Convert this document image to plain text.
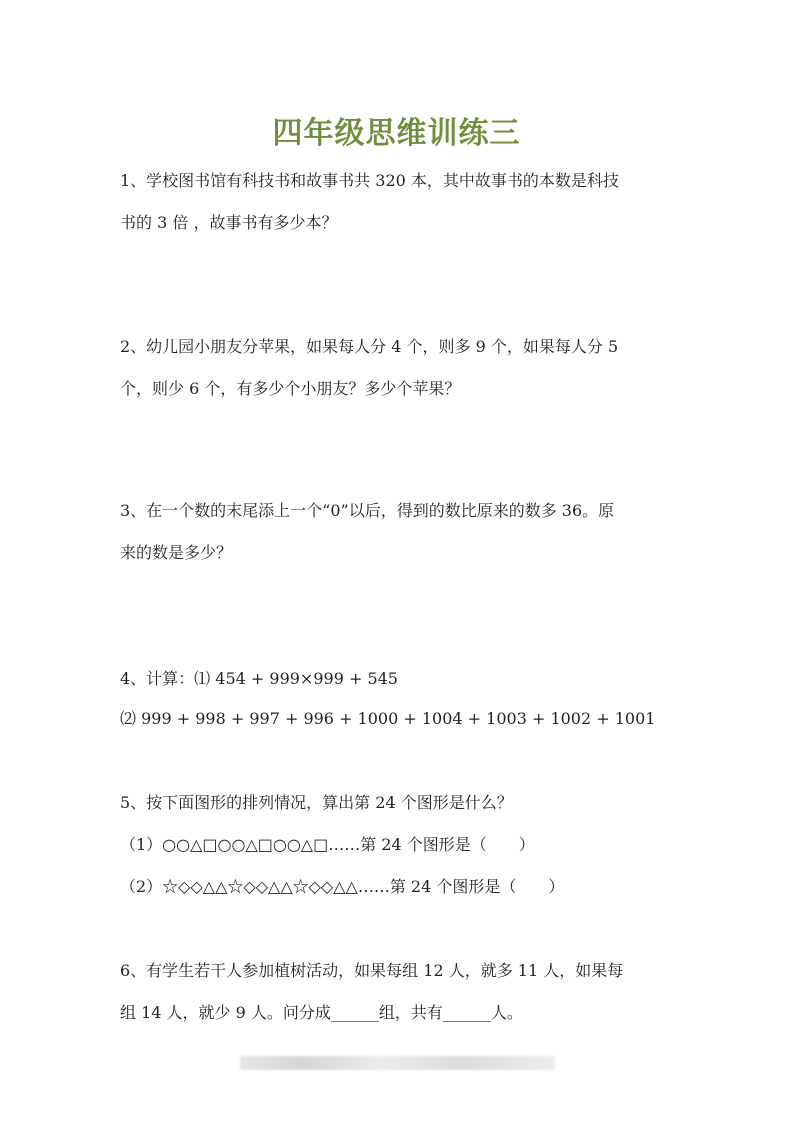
四年级思维训练三
1、学校图书馆有科技书和故事书共 320 本，其中故事书的本数是科技
书的 3 倍 ，故事书有多少本？
2、幼儿园小朋友分苹果，如果每人分 4 个，则多 9 个，如果每人分 5
个，则少 6 个，有多少个小朋友？多少个苹果？
3、在一个数的末尾添上一个“0”以后，得到的数比原来的数多 36。原
来的数是多少？
4、计算：⑴ 454 + 999×999 + 545
⑵ 999 + 998 + 997 + 996 + 1000 + 1004 + 1003 + 1002 + 1001
5、按下面图形的排列情况，算出第 24 个图形是什么？
（1）○○△□○○△□○○△□……第 24 个图形是（　　）
（2）☆◇◇△△☆◇◇△△☆◇◇△△……第 24 个图形是（　　）
6、有学生若干人参加植树活动，如果每组 12 人，就多 11 人，如果每
组 14 人，就少 9 人。问分成______组，共有______人。
